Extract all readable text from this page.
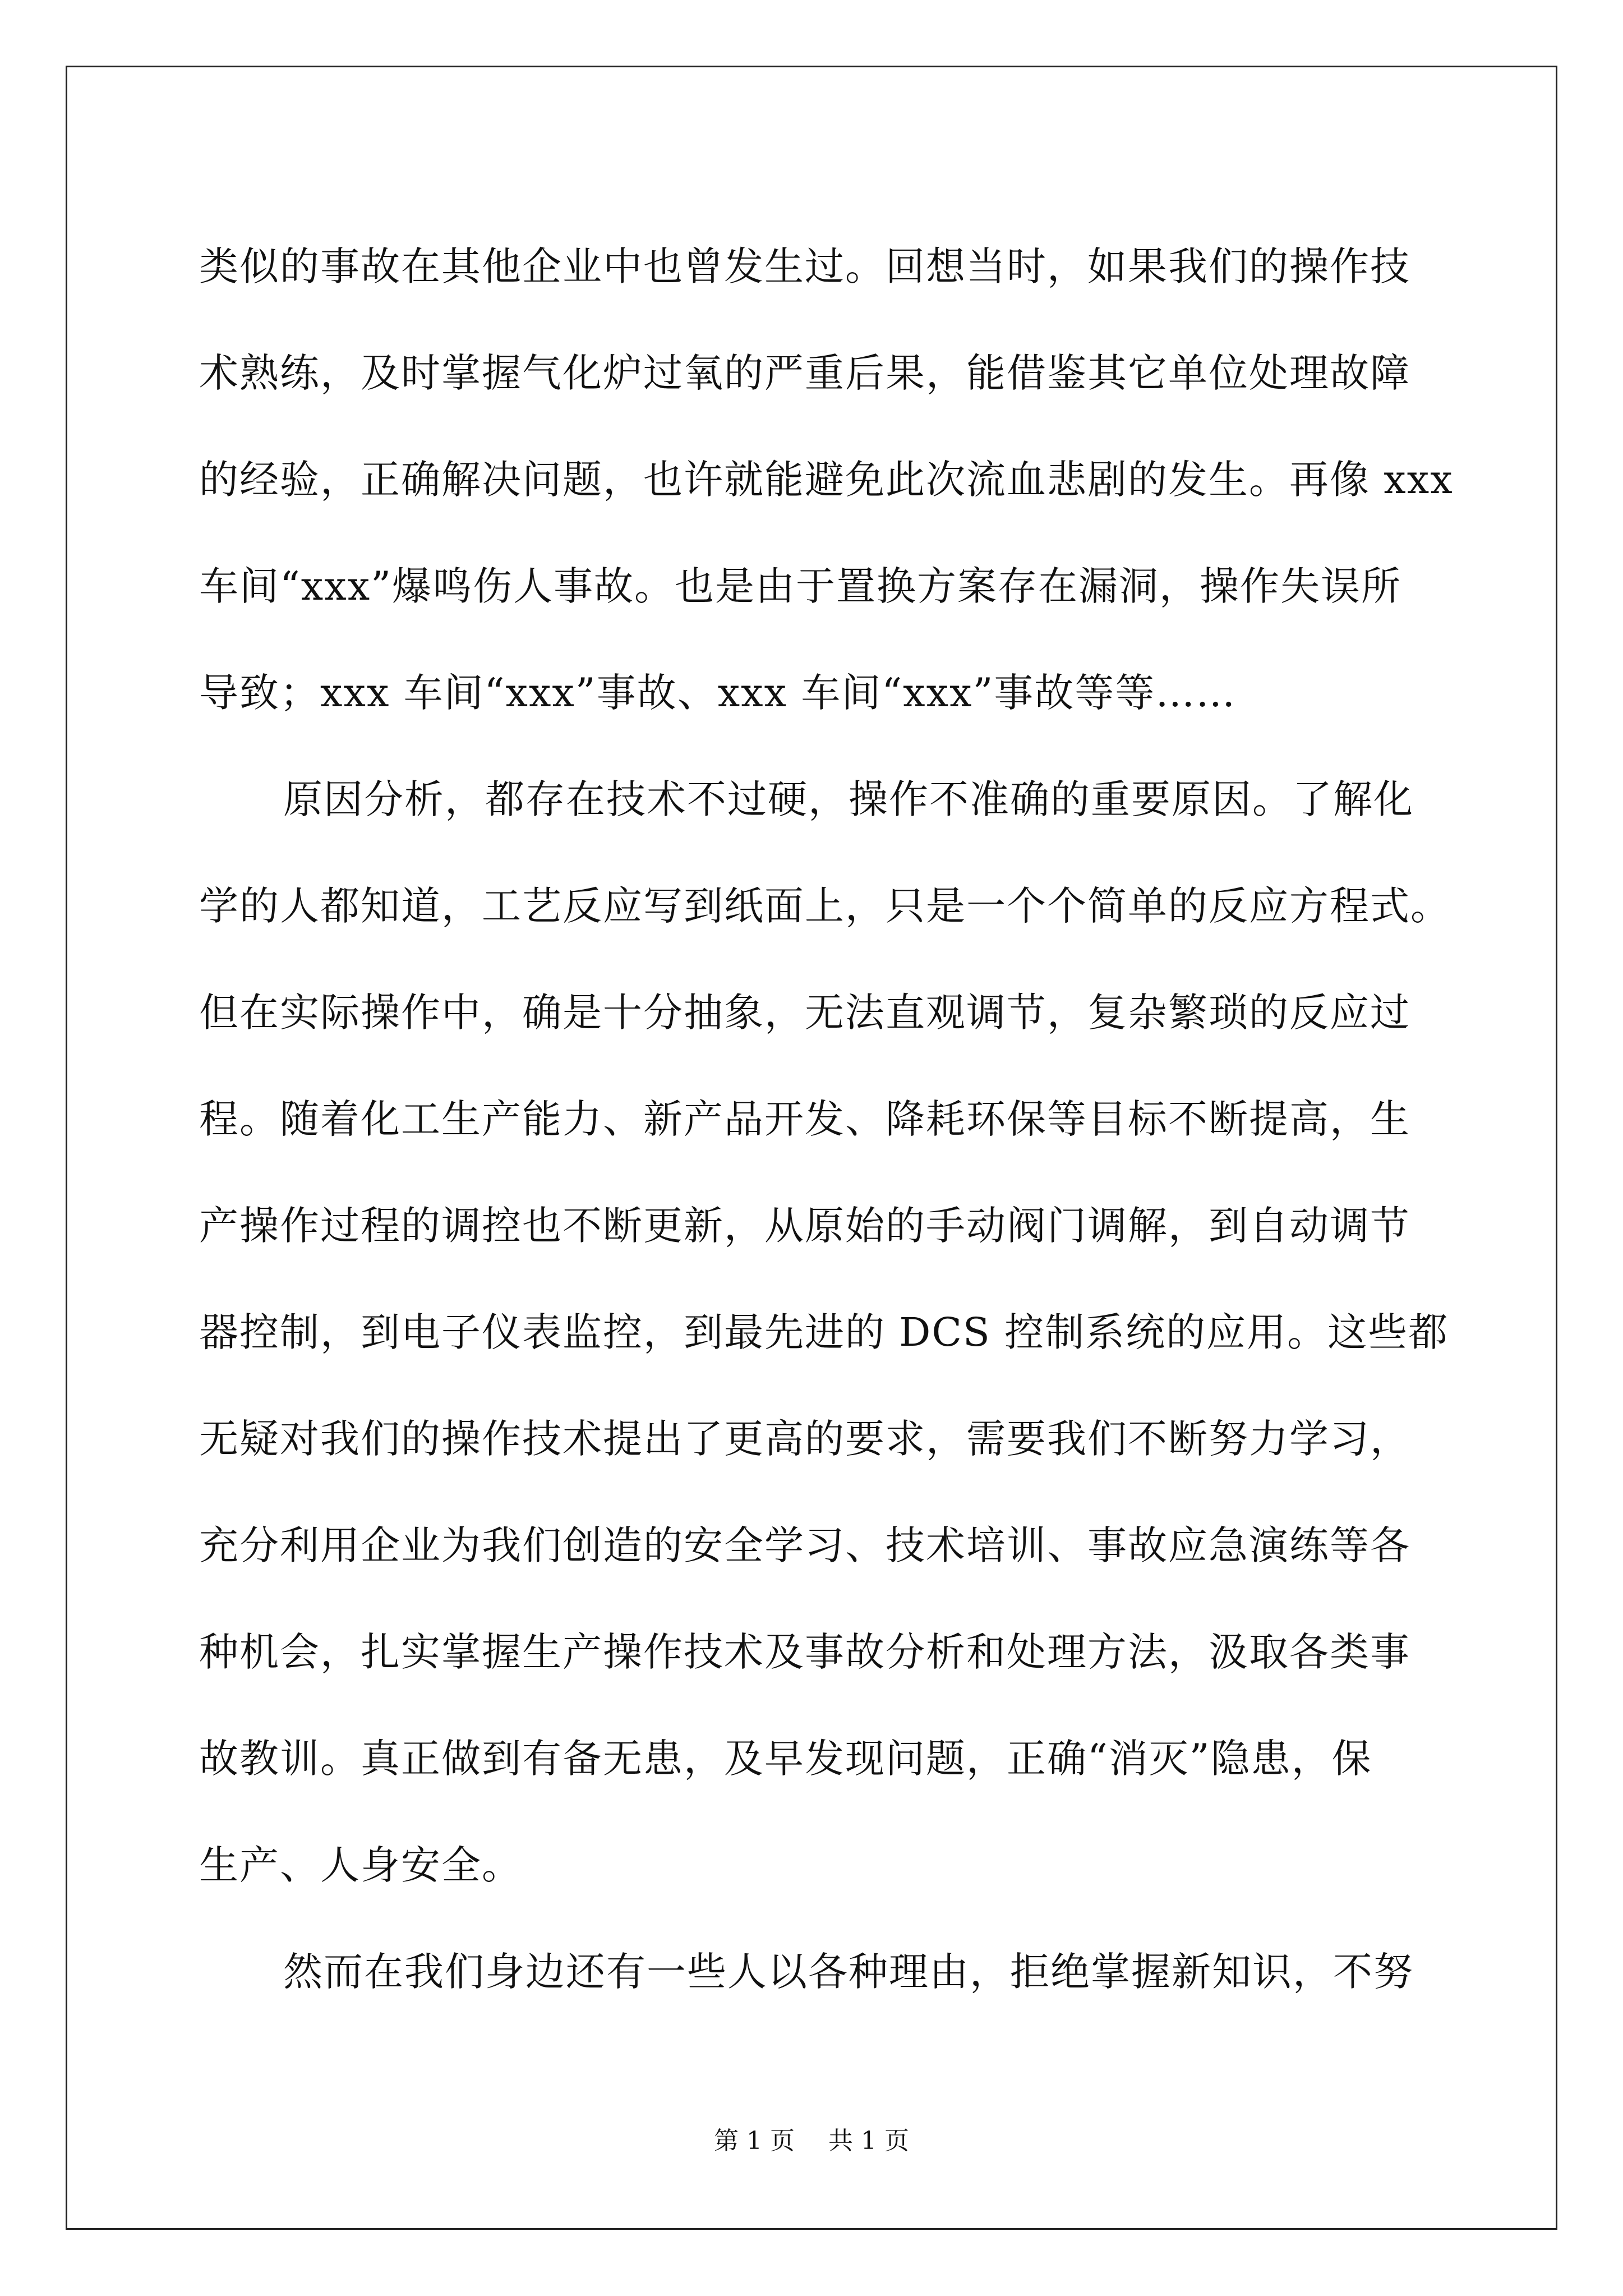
类似的事故在其他企业中也曾发生过。回想当时，如果我们的操作技
术熟练，及时掌握气化炉过氧的严重后果，能借鉴其它单位处理故障
的经验，正确解决问题，也许就能避免此次流血悲剧的发生。再像 xxx
车间“xxx”爆鸣伤人事故。也是由于置换方案存在漏洞，操作失误所
导致；xxx 车间“xxx”事故、xxx 车间“xxx”事故等等……
原因分析，都存在技术不过硬，操作不准确的重要原因。了解化
学的人都知道，工艺反应写到纸面上，只是一个个简单的反应方程式。
但在实际操作中，确是十分抽象，无法直观调节，复杂繁琐的反应过
程。随着化工生产能力、新产品开发、降耗环保等目标不断提高，生
产操作过程的调控也不断更新，从原始的手动阀门调解，到自动调节
器控制，到电子仪表监控，到最先进的 DCS 控制系统的应用。这些都
无疑对我们的操作技术提出了更高的要求，需要我们不断努力学习，
充分利用企业为我们创造的安全学习、技术培训、事故应急演练等各
种机会，扎实掌握生产操作技术及事故分析和处理方法，汲取各类事
故教训。真正做到有备无患，及早发现问题，正确“消灭”隐患，保
生产、人身安全。
然而在我们身边还有一些人以各种理由，拒绝掌握新知识，不努
第 1 页 共 1 页
